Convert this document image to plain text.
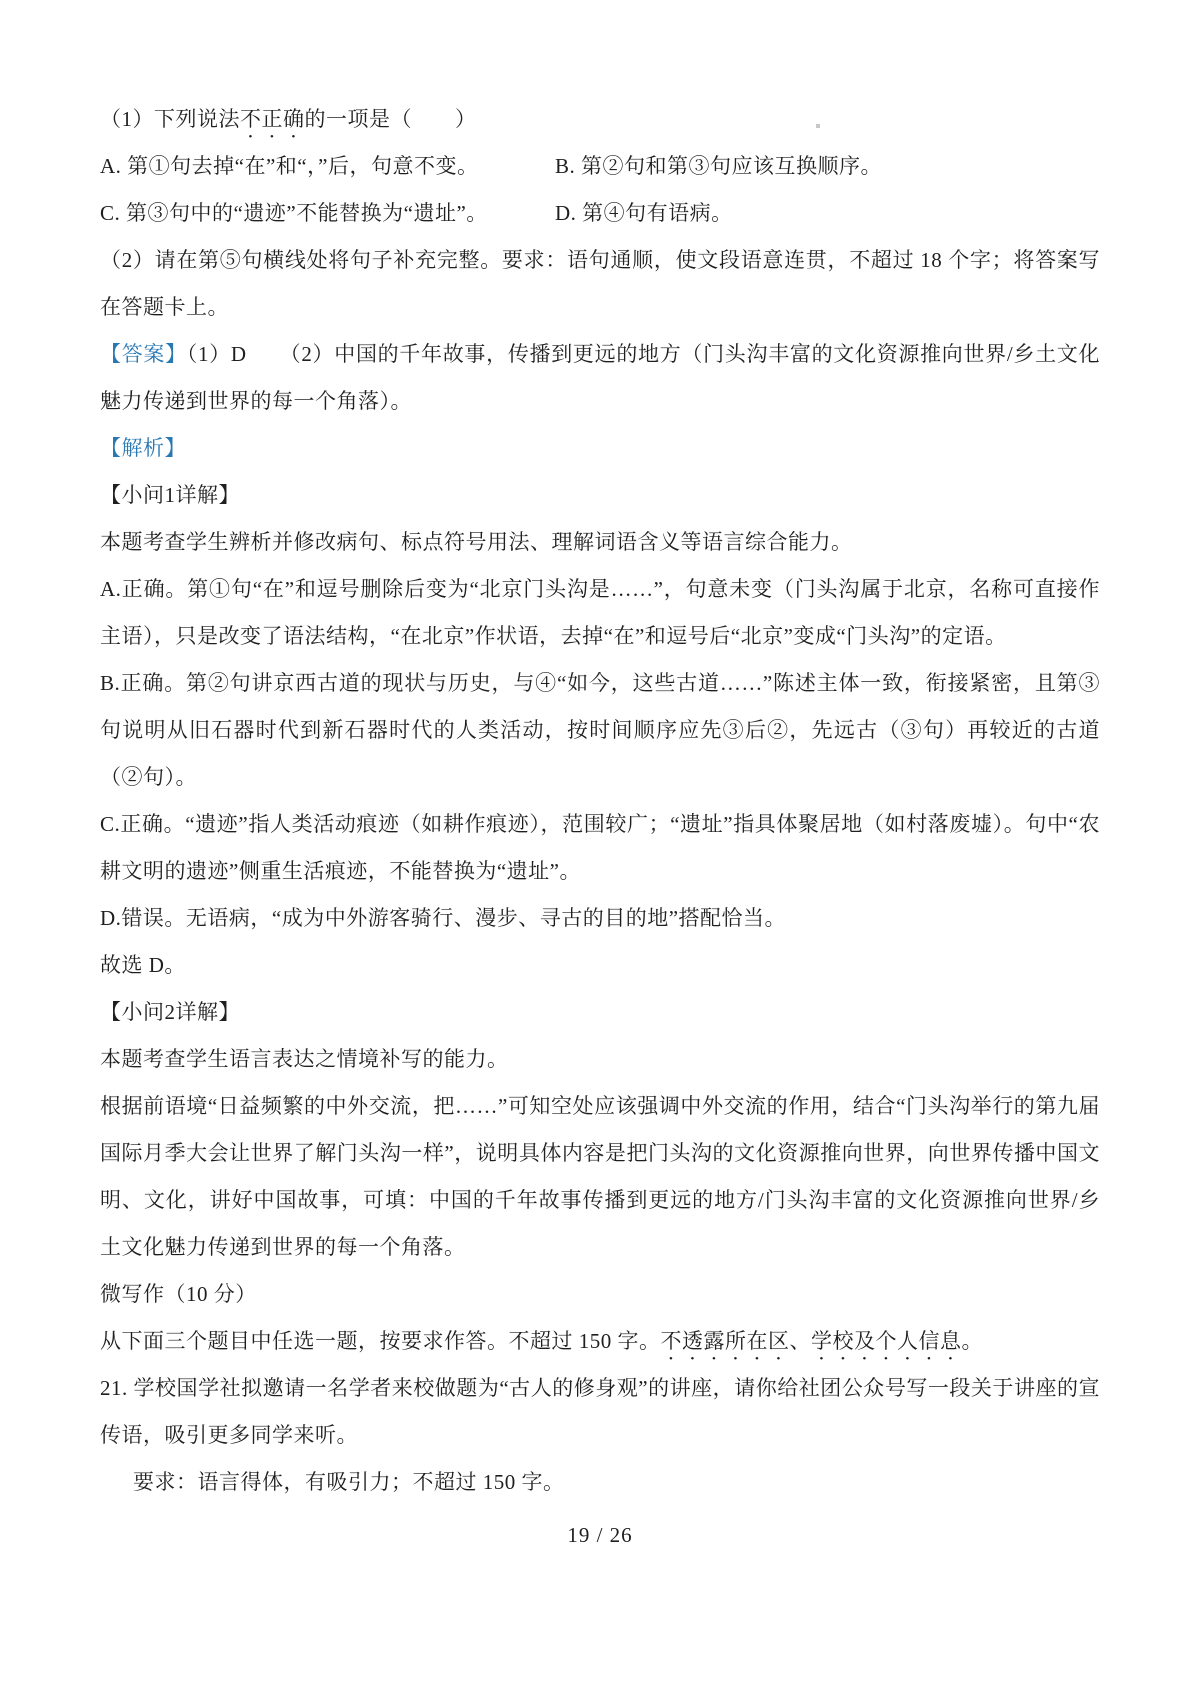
（1）下列说法不正确的一项是（　　）

A. 第①句去掉“在”和“，”后，句意不变。	B. 第②句和第③句应该互换顺序。

C. 第③句中的“遗迹”不能替换为“遗址”。	D. 第④句有语病。

（2）请在第⑤句横线处将句子补充完整。要求：语句通顺，使文段语意连贯，不超过 18 个字；将答案写在答题卡上。

【答案】（1）D　　（2）中国的千年故事，传播到更远的地方（门头沟丰富的文化资源推向世界/乡土文化魅力传递到世界的每一个角落）。

【解析】

【小问1详解】

本题考查学生辨析并修改病句、标点符号用法、理解词语含义等语言综合能力。

A.正确。第①句“在”和逗号删除后变为“北京门头沟是……”，句意未变（门头沟属于北京，名称可直接作主语），只是改变了语法结构，“在北京”作状语，去掉“在”和逗号后“北京”变成“门头沟”的定语。

B.正确。第②句讲京西古道的现状与历史，与④“如今，这些古道……”陈述主体一致，衔接紧密，且第③句说明从旧石器时代到新石器时代的人类活动，按时间顺序应先③后②，先远古（③句）再较近的古道（②句）。

C.正确。“遗迹”指人类活动痕迹（如耕作痕迹），范围较广；“遗址”指具体聚居地（如村落废墟）。句中“农耕文明的遗迹”侧重生活痕迹，不能替换为“遗址”。

D.错误。无语病，“成为中外游客骑行、漫步、寻古的目的地”搭配恰当。

故选 D。

【小问2详解】

本题考查学生语言表达之情境补写的能力。

根据前语境“日益频繁的中外交流，把……”可知空处应该强调中外交流的作用，结合“门头沟举行的第九届国际月季大会让世界了解门头沟一样”，说明具体内容是把门头沟的文化资源推向世界，向世界传播中国文明、文化，讲好中国故事，可填：中国的千年故事传播到更远的地方/门头沟丰富的文化资源推向世界/乡土文化魅力传递到世界的每一个角落。

微写作（10 分）

从下面三个题目中任选一题，按要求作答。不超过 150 字。不透露所在区、学校及个人信息。

21. 学校国学社拟邀请一名学者来校做题为“古人的修身观”的讲座，请你给社团公众号写一段关于讲座的宣传语，吸引更多同学来听。

要求：语言得体，有吸引力；不超过 150 字。

19 / 26
